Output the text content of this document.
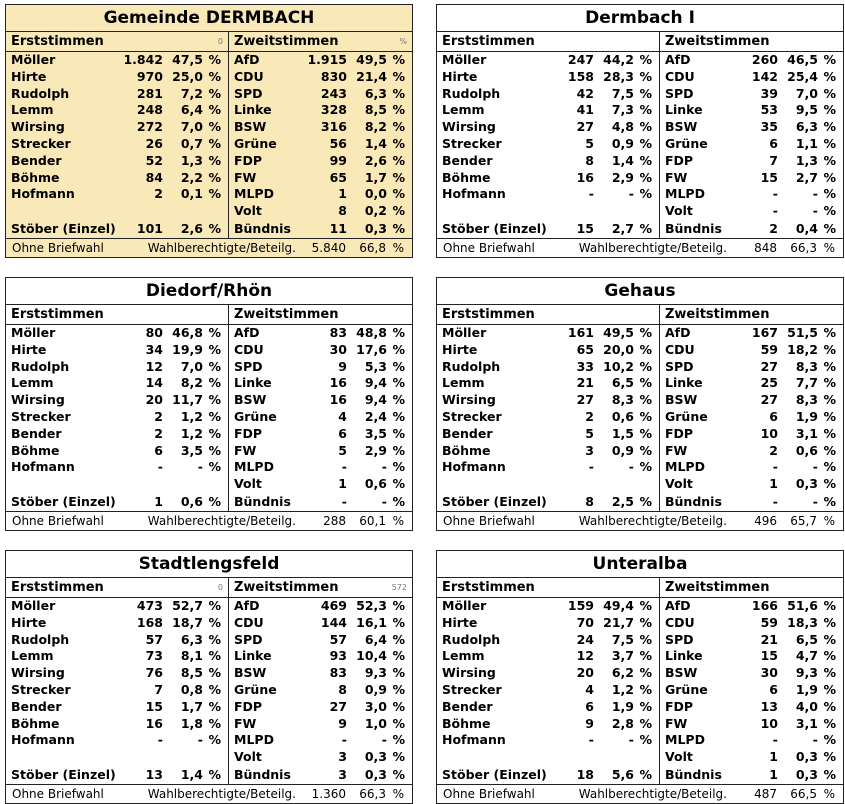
Gemeinde DERMBACH
Erststimmen	0
Möller	1.842 47,5 %
Hirte	970 25,0 %
Rudolph	281	7,2 %
Lemm	248	6,4 %
Wirsing	272	7,0 %
Strecker	26	0,7 %
Bender	52	1,3 %
Böhme	84	2,2 %
Hofmann	2	0,1 %
Stöber (Einzel)	101	2,6 %
Zweitstimmen	%
AfD	1.915 49,5 %
CDU	830 21,4 %
SPD	243	6,3 %
Linke	328	8,5 %
BSW	316	8,2 %
Grüne	56	1,4 %
FDP	99	2,6 %
FW	65	1,7 %
MLPD	1	0,0 %
Volt	8	0,2 %
Bündnis	11	0,3 %
Ohne Briefwahl	Wahlberechtigte/Beteilg.	5.840	66,8 %
Dermbach I
Erststimmen
Möller	247 44,2 %
Hirte	158 28,3 %
Rudolph	42	7,5 %
Lemm	41	7,3 %
Wirsing	27	4,8 %
Strecker	5	0,9 %
Bender	8	1,4 %
Böhme	16	2,9 %
Hofmann	-	- %
Stöber (Einzel)	15	2,7 %
Zweitstimmen
AfD	260 46,5 %
CDU	142 25,4 %
SPD	39	7,0 %
Linke	53	9,5 %
BSW	35	6,3 %
Grüne	6	1,1 %
FDP	7	1,3 %
FW	15	2,7 %
MLPD	-	- %
Volt	-	- %
Bündnis	2	0,4 %
Ohne Briefwahl	Wahlberechtigte/Beteilg.	848	66,3 %
Diedorf/Rhön
Erststimmen
Möller	80 46,8 %
Hirte	34 19,9 %
Rudolph	12	7,0 %
Lemm	14	8,2 %
Wirsing	20 11,7 %
Strecker	2	1,2 %
Bender	2	1,2 %
Böhme	6	3,5 %
Hofmann	-	- %
Stöber (Einzel)	1	0,6 %
Zweitstimmen
AfD	83 48,8 %
CDU	30 17,6 %
SPD	9	5,3 %
Linke	16	9,4 %
BSW	16	9,4 %
Grüne	4	2,4 %
FDP	6	3,5 %
FW	5	2,9 %
MLPD	-	- %
Volt	1	0,6 %
Bündnis	-	- %
Ohne Briefwahl	Wahlberechtigte/Beteilg.	288	60,1 %
Gehaus
Erststimmen
Möller	161 49,5 %
Hirte	65 20,0 %
Rudolph	33 10,2 %
Lemm	21	6,5 %
Wirsing	27	8,3 %
Strecker	2	0,6 %
Bender	5	1,5 %
Böhme	3	0,9 %
Hofmann	-	- %
Stöber (Einzel)	8	2,5 %
Zweitstimmen
AfD	167 51,5 %
CDU	59 18,2 %
SPD	27	8,3 %
Linke	25	7,7 %
BSW	27	8,3 %
Grüne	6	1,9 %
FDP	10	3,1 %
FW	2	0,6 %
MLPD	-	- %
Volt	1	0,3 %
Bündnis	-	- %
Ohne Briefwahl	Wahlberechtigte/Beteilg.	496	65,7 %
Stadtlengsfeld
Erststimmen	0
Möller	473 52,7 %
Hirte	168 18,7 %
Rudolph	57	6,3 %
Lemm	73	8,1 %
Wirsing	76	8,5 %
Strecker	7	0,8 %
Bender	15	1,7 %
Böhme	16	1,8 %
Hofmann	-	- %
Stöber (Einzel)	13	1,4 %
Zweitstimmen	572
AfD	469 52,3 %
CDU	144 16,1 %
SPD	57	6,4 %
Linke	93 10,4 %
BSW	83	9,3 %
Grüne	8	0,9 %
FDP	27	3,0 %
FW	9	1,0 %
MLPD	-	- %
Volt	3	0,3 %
Bündnis	3	0,3 %
Ohne Briefwahl	Wahlberechtigte/Beteilg.	1.360	66,3 %
Unteralba
Erststimmen
Möller	159 49,4 %
Hirte	70 21,7 %
Rudolph	24	7,5 %
Lemm	12	3,7 %
Wirsing	20	6,2 %
Strecker	4	1,2 %
Bender	6	1,9 %
Böhme	9	2,8 %
Hofmann	-	- %
Stöber (Einzel)	18	5,6 %
Zweitstimmen
AfD	166 51,6 %
CDU	59 18,3 %
SPD	21	6,5 %
Linke	15	4,7 %
BSW	30	9,3 %
Grüne	6	1,9 %
FDP	13	4,0 %
FW	10	3,1 %
MLPD	-	- %
Volt	1	0,3 %
Bündnis	1	0,3 %
Ohne Briefwahl	Wahlberechtigte/Beteilg.	487	66,5 %
